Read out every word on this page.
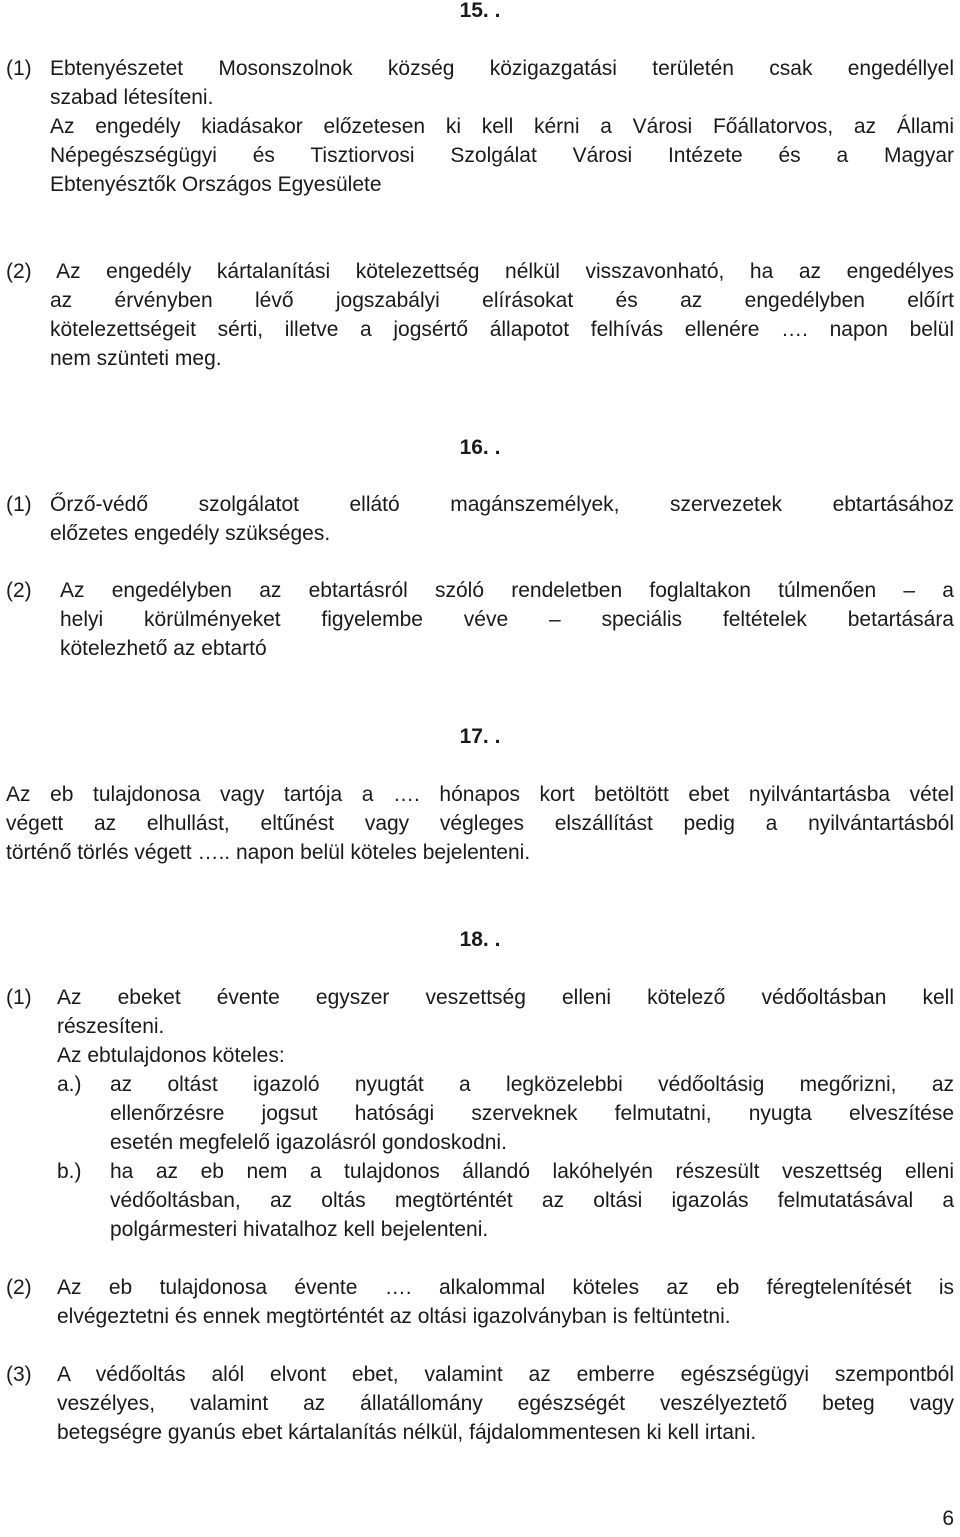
15. .
(1) Ebtenyészetet Mosonszolnok község közigazgatási területén csak engedéllyel
szabad létesíteni.
Az engedély kiadásakor előzetesen ki kell kérni a Városi Főállatorvos, az Állami
Népegészségügyi és Tisztiorvosi Szolgálat Városi Intézete és a Magyar
Ebtenyésztők Országos Egyesülete
(2) Az engedély kártalanítási kötelezettség nélkül visszavonható, ha az engedélyes
az érvényben lévő jogszabályi elírásokat és az engedélyben előírt
kötelezettségeit sérti, illetve a jogsértő állapotot felhívás ellenére …. napon belül
nem szünteti meg.
16. .
(1) Őrző-védő szolgálatot ellátó magánszemélyek, szervezetek ebtartásához
előzetes engedély szükséges.
(2) Az engedélyben az ebtartásról szóló rendeletben foglaltakon túlmenően – a
helyi körülményeket figyelembe véve – speciális feltételek betartására
kötelezhető az ebtartó
17. .
Az eb tulajdonosa vagy tartója a …. hónapos kort betöltött ebet nyilvántartásba vétel
végett az elhullást, eltűnést vagy végleges elszállítást pedig a nyilvántartásból
történő törlés végett ….. napon belül köteles bejelenteni.
18. .
(1) Az ebeket évente egyszer veszettség elleni kötelező védőoltásban kell
részesíteni.
Az ebtulajdonos köteles:
a.) az oltást igazoló nyugtát a legközelebbi védőoltásig megőrizni, az
ellenőrzésre jogsut hatósági szerveknek felmutatni, nyugta elveszítése
esetén megfelelő igazolásról gondoskodni.
b.) ha az eb nem a tulajdonos állandó lakóhelyén részesült veszettség elleni
védőoltásban, az oltás megtörténtét az oltási igazolás felmutatásával a
polgármesteri hivatalhoz kell bejelenteni.
(2) Az eb tulajdonosa évente …. alkalommal köteles az eb féregtelenítését is
elvégeztetni és ennek megtörténtét az oltási igazolványban is feltüntetni.
(3) A védőoltás alól elvont ebet, valamint az emberre egészségügyi szempontból
veszélyes, valamint az állatállomány egészségét veszélyeztető beteg vagy
betegségre gyanús ebet kártalanítás nélkül, fájdalommentesen ki kell irtani.
6
